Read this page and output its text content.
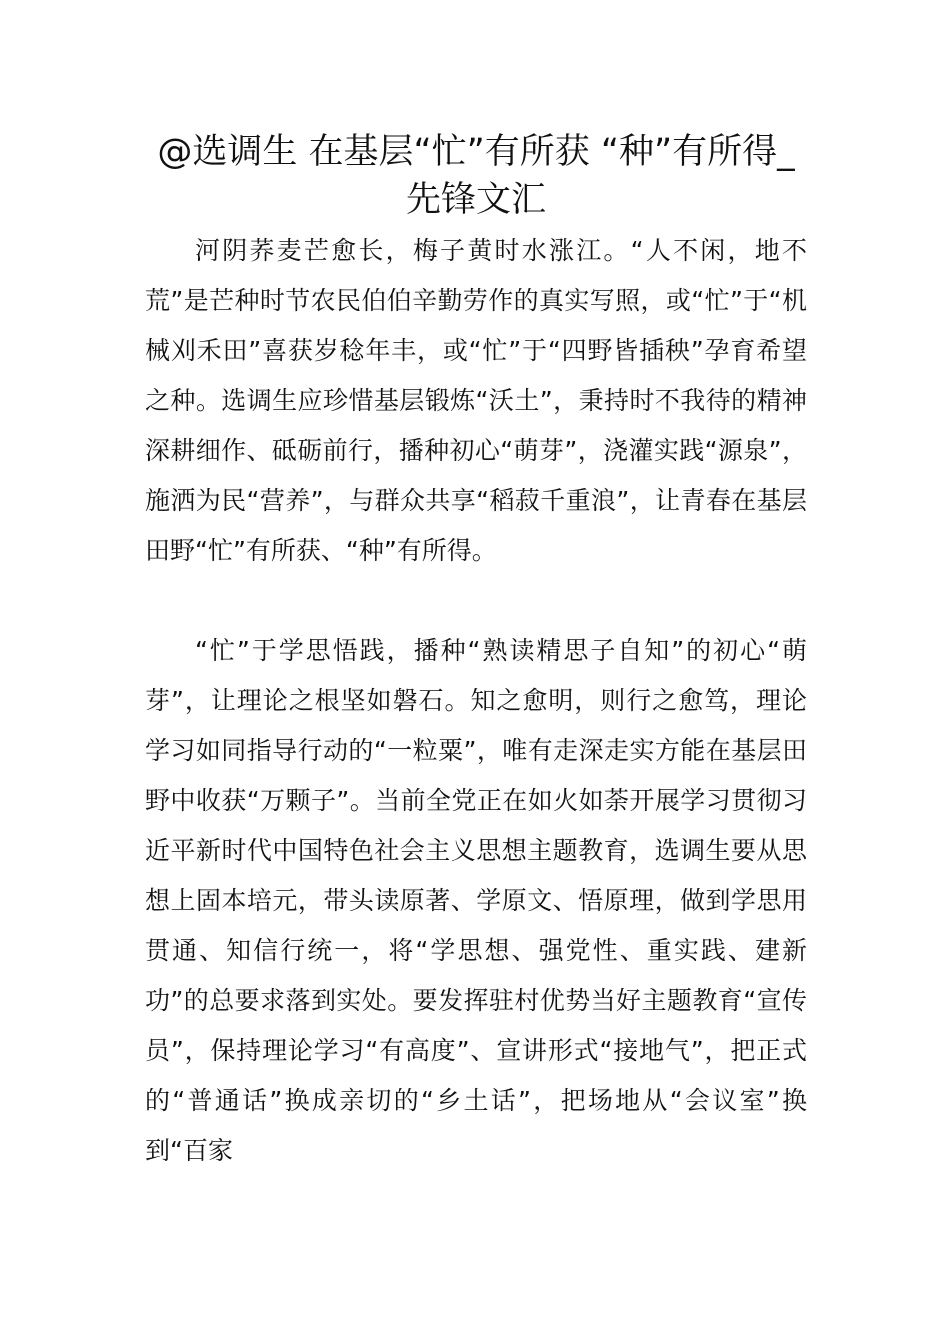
@选调生 在基层“忙”有所获 “种”有所得_先锋文汇

河阴荞麦芒愈长，梅子黄时水涨江。“人不闲，地不荒”是芒种时节农民伯伯辛勤劳作的真实写照，或“忙”于“机械刈禾田”喜获岁稔年丰，或“忙”于“四野皆插秧”孕育希望之种。选调生应珍惜基层锻炼“沃土”，秉持时不我待的精神深耕细作、砥砺前行，播种初心“萌芽”，浇灌实践“源泉”，施洒为民“营养”，与群众共享“稻菽千重浪”，让青春在基层田野“忙”有所获、“种”有所得。

“忙”于学思悟践，播种“熟读精思子自知”的初心“萌芽”，让理论之根坚如磐石。知之愈明，则行之愈笃，理论学习如同指导行动的“一粒粟”，唯有走深走实方能在基层田野中收获“万颗子”。当前全党正在如火如荼开展学习贯彻习近平新时代中国特色社会主义思想主题教育，选调生要从思想上固本培元，带头读原著、学原文、悟原理，做到学思用贯通、知信行统一，将“学思想、强党性、重实践、建新功”的总要求落到实处。要发挥驻村优势当好主题教育“宣传员”，保持理论学习“有高度”、宣讲形式“接地气”，把正式的“普通话”换成亲切的“乡土话”，把场地从“会议室”换到“百家
